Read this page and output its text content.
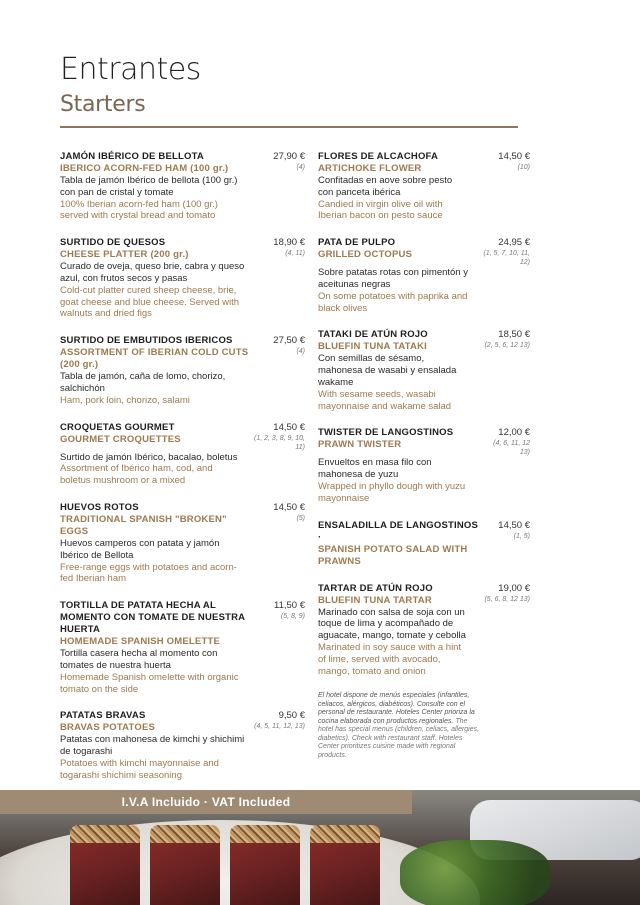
Entrantes
Starters
JAMÓN IBÉRICO DE BELLOTA
IBERICO ACORN-FED HAM (100 gr.)
27,90 €
(4)
Tabla de jamón Ibérico de bellota (100 gr.) con pan de cristal y tomate
100% Iberian acorn-fed ham (100 gr.) served with crystal bread and tomato
SURTIDO DE QUESOS
CHEESE PLATTER (200 gr.)
18,90 €
(4, 11)
Curado de oveja, queso brie, cabra y queso azul, con frutos secos y pasas
Cold-cut platter cured sheep cheese, brie, goat cheese and blue cheese. Served with walnuts and dried figs
SURTIDO DE EMBUTIDOS IBERICOS
ASSORTMENT OF IBERIAN COLD CUTS (200 gr.)
27,50 €
(4)
Tabla de jamón, caña de lomo, chorizo, salchichón
Ham, pork loin, chorizo, salami
CROQUETAS GOURMET
GOURMET CROQUETTES
14,50 €
(1, 2, 3, 8, 9, 10, 11)
Surtido de jamón Ibérico, bacalao, boletus
Assortment of Ibérico ham, cod, and boletus mushroom or a mixed
HUEVOS ROTOS
TRADITIONAL SPANISH "BROKEN" EGGS
14,50 €
(5)
Huevos camperos con patata y jamón Ibérico de Bellota
Free-range eggs with potatoes and acorn-fed Iberian ham
TORTILLA DE PATATA HECHA AL MOMENTO CON TOMATE DE NUESTRA HUERTA
HOMEMADE SPANISH OMELETTE
11,50 €
(5, 8, 9)
Tortilla casera hecha al momento con tomates de nuestra huerta
Homemade Spanish omelette with organic tomato on the side
PATATAS BRAVAS
BRAVAS POTATOES
9,50 €
(4, 5, 11, 12, 13)
Patatas con mahonesa de kimchi y shichimi de togarashi
Potatoes with kimchi mayonnaise and togarashi shichimi seasoning
FLORES DE ALCACHOFA
ARTICHOKE FLOWER
14,50 €
(10)
Confitadas en aove sobre pesto con panceta ibérica
Candied in virgin olive oil with Iberian bacon on pesto sauce
PATA DE PULPO
GRILLED OCTOPUS
24,95 €
(1, 5, 7, 10, 11, 12)
Sobre patatas rotas con pimentón y aceitunas negras
On some potatoes with paprika and black olives
TATAKI DE ATÚN ROJO
BLUEFIN TUNA TATAKI
18,50 €
(2, 5, 6, 12 13)
Con semillas de sésamo, mahonesa de wasabi y ensalada wakame
With sesame seeds, wasabi mayonnaise and wakame salad
TWISTER DE LANGOSTINOS
PRAWN TWISTER
12,00 €
(4, 6, 11, 12 13)
Envueltos en masa filo con mahonesa de yuzu
Wrapped in phyllo dough with yuzu mayonnaise
ENSALADILLA DE LANGOSTINOS ·
SPANISH POTATO SALAD WITH PRAWNS
14,50 €
(1, 5)
TARTAR DE ATÚN ROJO
BLUEFIN TUNA TARTAR
19,00 €
(5, 6, 8, 12 13)
Marinado con salsa de soja con un toque de lima y acompañado de aguacate, mango, tomate y cebolla
Marinated in soy sauce with a hint of lime, served with avocado, mango, tomato and onion
El hotel dispone de menús especiales (infantiles, celiacos, alérgicos, diabéticos). Consulte con el personal de restaurante. Hoteles Center prioriza la cocina elaborada con productos regionales. The hotel has special menus (children, celiacs, allergies, diabetics). Check with restaurant staff. Hoteles Center prioritizes cuisine made with regional products.
I.V.A Incluido · VAT Included
